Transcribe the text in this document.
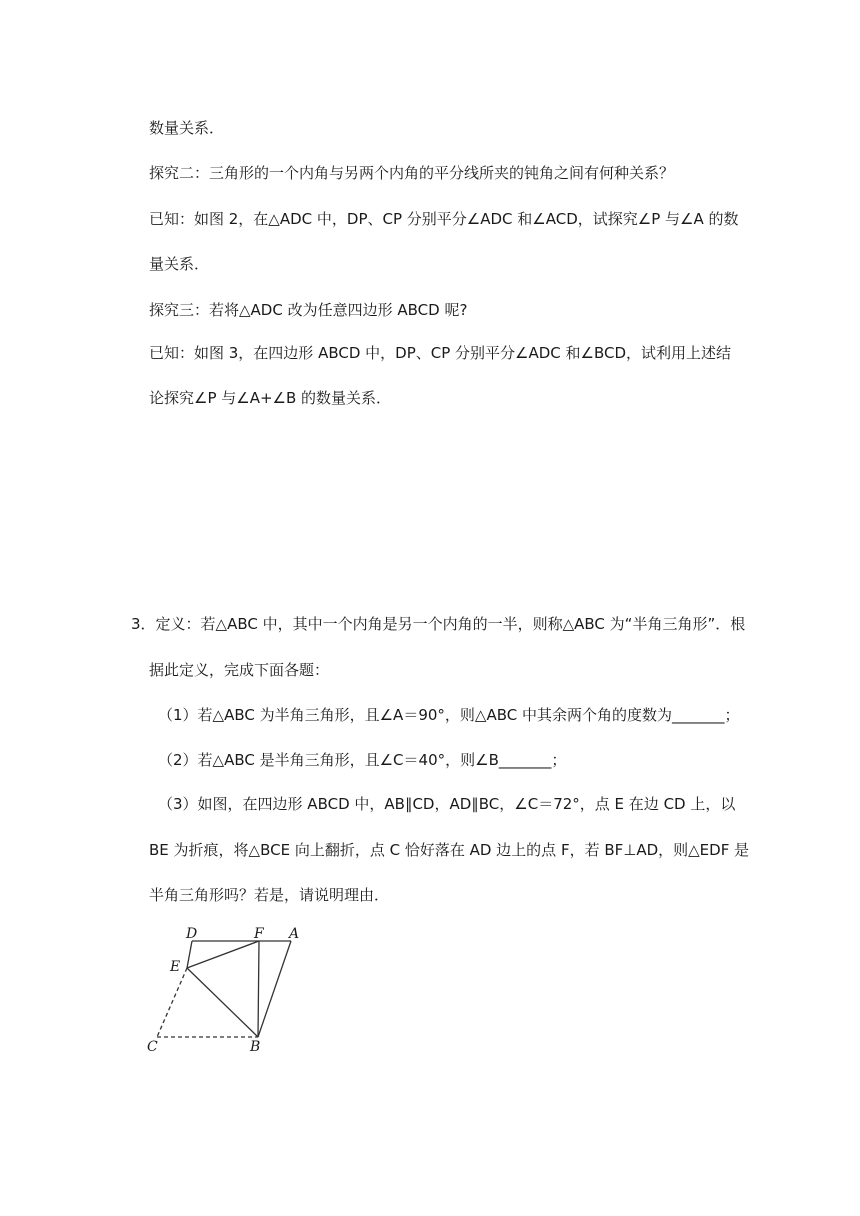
数量关系．
探究二：三角形的一个内角与另两个内角的平分线所夹的钝角之间有何种关系？
已知：如图 2，在△ADC 中，DP、CP 分别平分∠ADC 和∠ACD，试探究∠P 与∠A 的数
量关系．
探究三：若将△ADC 改为任意四边形 ABCD 呢?
已知：如图 3，在四边形 ABCD 中，DP、CP 分别平分∠ADC 和∠BCD，试利用上述结
论探究∠P 与∠A+∠B 的数量关系．
3．定义：若△ABC 中，其中一个内角是另一个内角的一半，则称△ABC 为“半角三角形”．根
据此定义，完成下面各题：
（1）若△ABC 为半角三角形，且∠A＝90°，则△ABC 中其余两个角的度数为_______；
（2）若△ABC 是半角三角形，且∠C＝40°，则∠B_______；
（3）如图，在四边形 ABCD 中，AB∥CD，AD∥BC，∠C＝72°，点 E 在边 CD 上，以
BE 为折痕，将△BCE 向上翻折，点 C 恰好落在 AD 边上的点 F，若 BF⊥AD，则△EDF 是
半角三角形吗？若是，请说明理由．
D	F A
E
C	B
